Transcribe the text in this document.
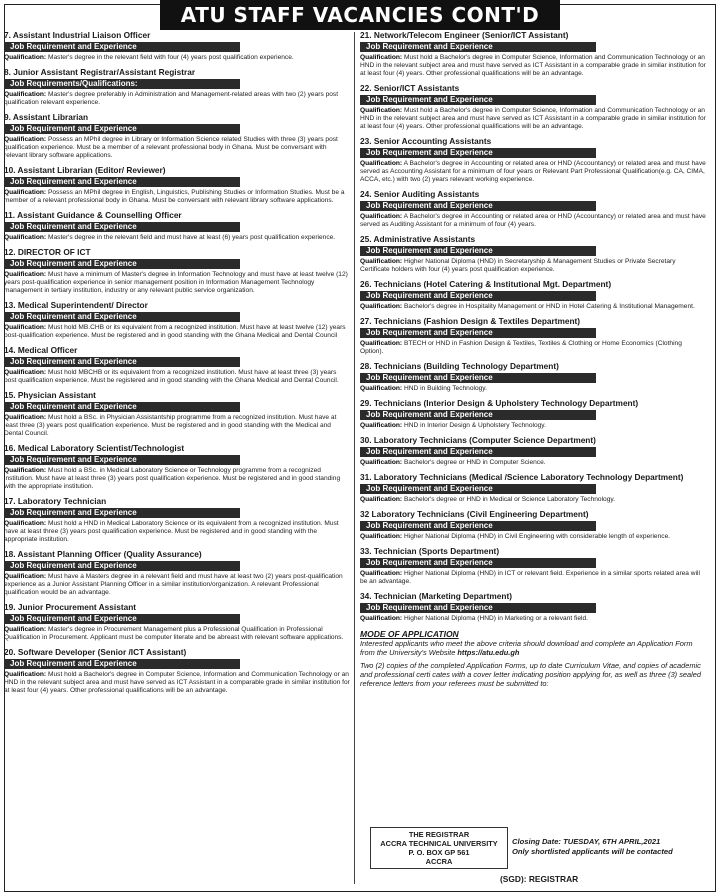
ATU STAFF VACANCIES CONT'D
7. Assistant Industrial Liaison Officer
Job Requirement and Experience
Qualification: Master's degree in the relevant field with four (4) years post qualification experience.
8. Junior Assistant Registrar/Assistant Registrar
Job Requirements/Qualifications:
Qualification: Master's degree preferably in Administration and Management-related areas with two (2) years post qualification relevant experience.
9. Assistant Librarian
Job Requirement and Experience
Qualification: Possess an MPhil degree in Library or Information Science related Studies with three (3) years post qualification experience. Must be a member of a relevant professional body in Ghana. Must be conversant with relevant library software applications.
10. Assistant Librarian (Editor/ Reviewer)
Job Requirement and Experience
Qualification: Possess an MPhil degree in English, Linguistics, Publishing Studies or Information Studies. Must be a member of a relevant professional body in Ghana. Must be conversant with relevant library software applications.
11. Assistant Guidance & Counselling Officer
Job Requirement and Experience
Qualification: Master's degree in the relevant field and must have at least (6) years post qualification experience.
12. DIRECTOR OF ICT
Job Requirement and Experience
Qualification: Must have a minimum of Master's degree in Information Technology and must have at least twelve (12) years post-qualification experience in senior management position in Information Management Technology management in tertiary institution, industry or any relevant public service organization.
13. Medical Superintendent/ Director
Job Requirement and Experience
Qualification: Must hold MB.CHB or its equivalent from a recognized institution. Must have at least twelve (12) years post-qualification experience. Must be registered and in good standing with the Ghana Medical and Dental Council
14. Medical Officer
Job Requirement and Experience
Qualification: Must hold MBCHB or its equivalent from a recognized institution. Must have at least three (3) years post qualification experience. Must be registered and in good standing with the Ghana Medical and Dental Council.
15. Physician Assistant
Job Requirement and Experience
Qualification: Must hold a BSc. in Physician Assistantship programme from a recognized institution. Must have at least three (3) years post qualification experience. Must be registered and in good standing with the Medical and Dental Council.
16. Medical Laboratory Scientist/Technologist
Job Requirement and Experience
Qualification: Must hold a BSc. in Medical Laboratory Science or Technology programme from a recognized institution. Must have at least three (3) years post qualification experience. Must be registered and in good standing with the appropriate institution.
17. Laboratory Technician
Job Requirement and Experience
Qualification: Must hold a HND in Medical Laboratory Science or its equivalent from a recognized institution. Must have at least three (3) years post qualification experience. Must be registered and in good standing with the appropriate institution.
18. Assistant Planning Officer (Quality Assurance)
Job Requirement and Experience
Qualification: Must have a Masters degree in a relevant field and must have at least two (2) years post-qualification experience as a Junior Assistant Planning Officer in a similar institution/organization. A relevant Professional qualification would be an advantage.
19. Junior Procurement Assistant
Job Requirement and Experience
Qualification: Master's degree in Procurement Management plus a Professional Qualification in Professional Qualification in Procurement. Applicant must be computer literate and be abreast with relevant software applications.
20. Software Developer (Senior /ICT Assistant)
Job Requirement and Experience
Qualification: Must hold a Bachelor's degree in Computer Science, Information and Communication Technology or an HND in the relevant subject area and must have served as ICT Assistant in a comparable grade in similar institution for at least four (4) years. Other professional qualifications will be an advantage.
21. Network/Telecom Engineer (Senior/ICT Assistant)
Job Requirement and Experience
Qualification: Must hold a Bachelor's degree in Computer Science, Information and Communication Technology or an HND in the relevant subject area and must have served as ICT Assistant in a comparable grade in similar institution for at least four (4) years. Other professional qualifications will be an advantage.
22. Senior/ICT Assistants
Job Requirement and Experience
Qualification: Must hold a Bachelor's degree in Computer Science, Information and Communication Technology or an HND in the relevant subject area and must have served as ICT Assistant in a comparable grade in similar institution for at least four (4) years. Other professional qualifications will be an advantage.
23. Senior Accounting Assistants
Job Requirement and Experience
Qualification: A Bachelor's degree in Accounting or related area or HND (Accountancy) or related area and must have served as Accounting Assistant for a minimum of four years or Relevant Part Professional Qualification(e.g. CA, CIMA, ACCA, etc.) with two (2) years relevant working experience.
24. Senior Auditing Assistants
Job Requirement and Experience
Qualification: A Bachelor's degree in Accounting or related area or HND (Accountancy) or related area and must have served as Auditing Assistant for a minimum of four (4) years.
25. Administrative Assistants
Job Requirement and Experience
Qualification: Higher National Diploma (HND) in Secretaryship & Management Studies or Private Secretary Certificate holders with four (4) years post qualification experience.
26. Technicians (Hotel Catering & Institutional Mgt. Department)
Job Requirement and Experience
Qualification: Bachelor's degree in Hospitality Management or HND in Hotel Catering & Institutional Management.
27. Technicians (Fashion Design & Textiles Department)
Job Requirement and Experience
Qualification: BTECH or HND in Fashion Design & Textiles, Textiles & Clothing or Home Economics (Clothing Option).
28. Technicians (Building Technology Department)
Job Requirement and Experience
Qualification: HND in Building Technology.
29. Technicians (Interior Design & Upholstery Technology Department)
Job Requirement and Experience
Qualification: HND in Interior Design & Upholstery Technology.
30. Laboratory Technicians (Computer Science Department)
Job Requirement and Experience
Qualification: Bachelor's degree or HND in Computer Science.
31. Laboratory Technicians (Medical /Science Laboratory Technology Department)
Job Requirement and Experience
Qualification: Bachelor's degree or HND in Medical or Science Laboratory Technology.
32 Laboratory Technicians (Civil Engineering Department)
Job Requirement and Experience
Qualification: Higher National Diploma (HND) in Civil Engineering with considerable length of experience.
33. Technician (Sports Department)
Job Requirement and Experience
Qualification: Higher National Diploma (HND) in ICT or relevant field. Experience in a similar sports related area will be an advantage.
34. Technician (Marketing Department)
Job Requirement and Experience
Qualification: Higher National Diploma (HND) in Marketing or a relevant field.
MODE OF APPLICATION
Interested applicants who meet the above criteria should download and complete an Application Form from the University's Website https://atu.edu.gh
Two (2) copies of the completed Application Forms, up to date Curriculum Vitae, and copies of academic and professional certi cates with a cover letter indicating position applying for, as well as three (3) sealed reference letters from your referees must be submitted to:
THE REGISTRAR
ACCRA TECHNICAL UNIVERSITY
P. O. BOX GP 561
ACCRA
Closing Date: TUESDAY, 6TH APRIL,2021
Only shortlisted applicants will be contacted
(SGD): REGISTRAR
